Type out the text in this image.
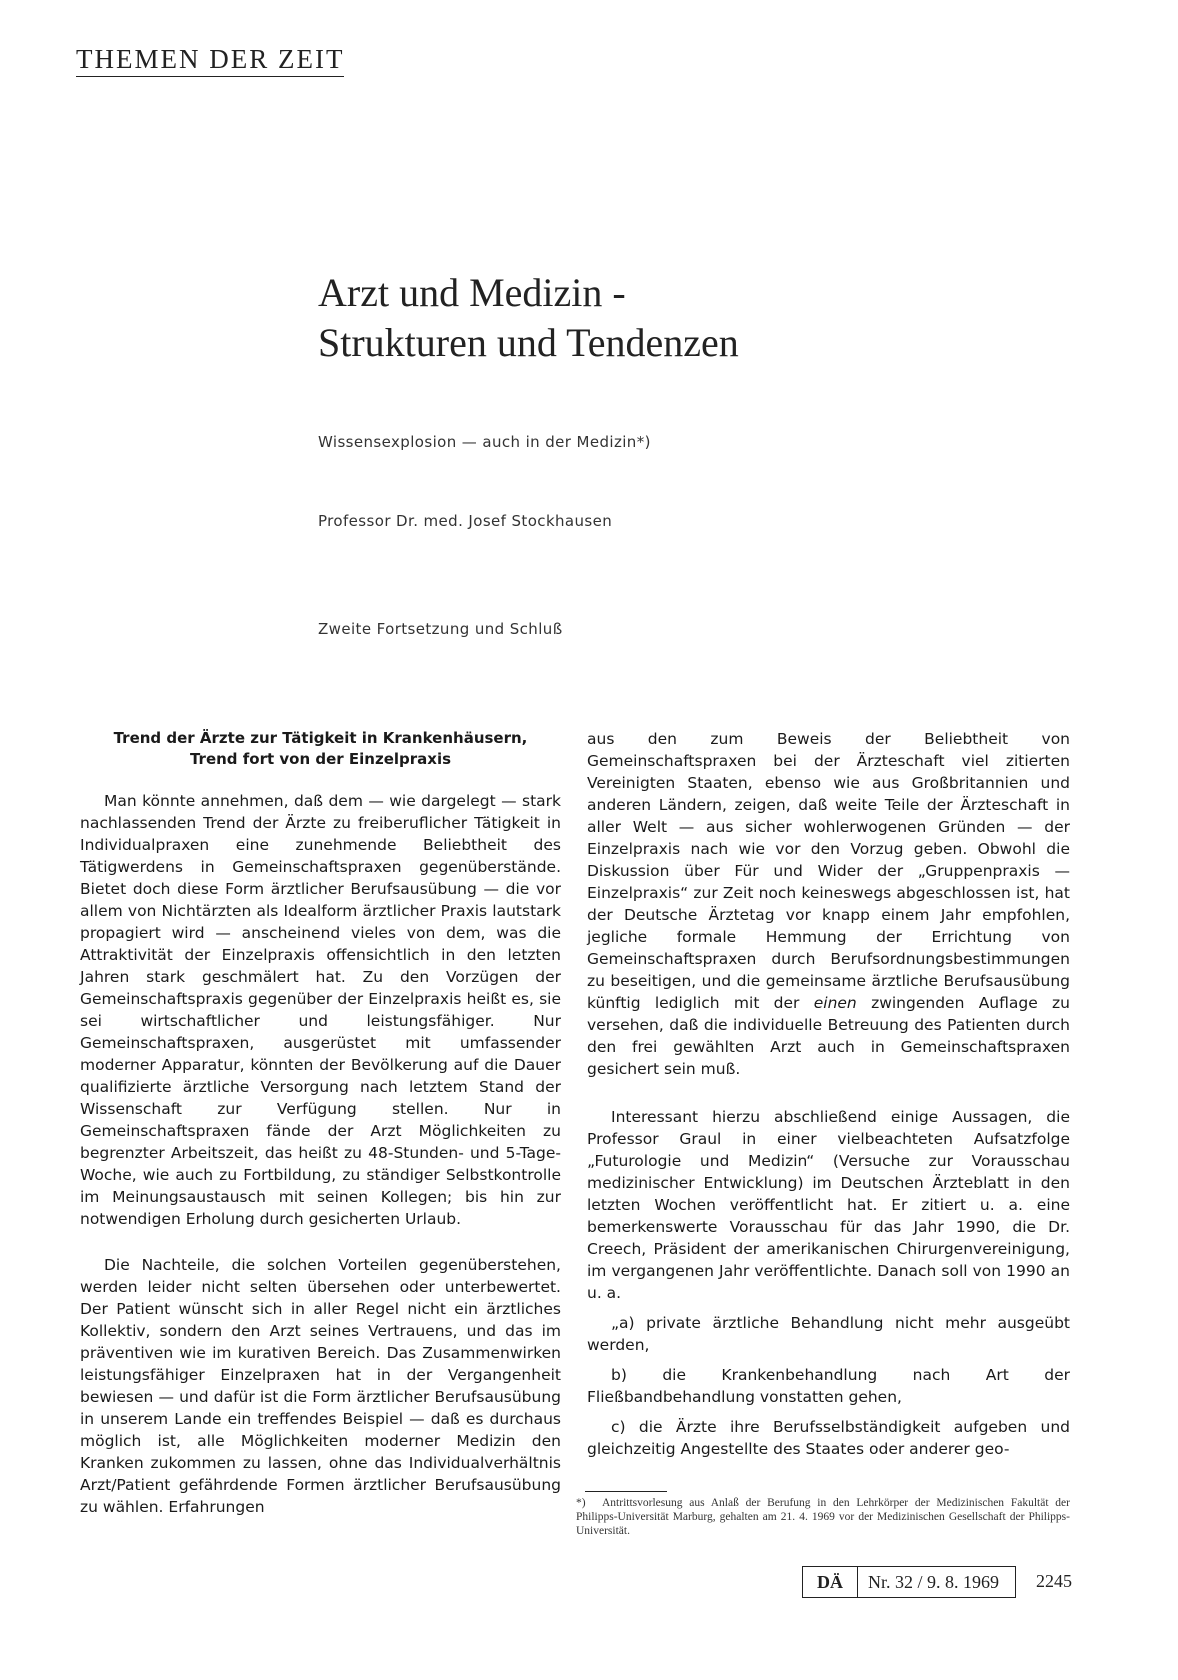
THEMEN DER ZEIT
Arzt und Medizin -
Strukturen und Tendenzen
Wissensexplosion — auch in der Medizin*)
Professor Dr. med. Josef Stockhausen
Zweite Fortsetzung und Schluß

Trend der Ärzte zur Tätigkeit in Krankenhäusern,
Trend fort von der Einzelpraxis

Man könnte annehmen, daß dem — wie dargelegt — stark nachlassenden Trend der Ärzte zu freiberuflicher Tätigkeit in Individualpraxen eine zunehmende Beliebtheit des Tätigwerdens in Gemeinschaftspraxen gegenüberstände. Bietet doch diese Form ärztlicher Berufsausübung — die vor allem von Nichtärzten als Idealform ärztlicher Praxis lautstark propagiert wird — anscheinend vieles von dem, was die Attraktivität der Einzelpraxis offensichtlich in den letzten Jahren stark geschmälert hat. Zu den Vorzügen der Gemeinschaftspraxis gegenüber der Einzelpraxis heißt es, sie sei wirtschaftlicher und leistungsfähiger. Nur Gemeinschaftspraxen, ausgerüstet mit umfassender moderner Apparatur, könnten der Bevölkerung auf die Dauer qualifizierte ärztliche Versorgung nach letztem Stand der Wissenschaft zur Verfügung stellen. Nur in Gemeinschaftspraxen fände der Arzt Möglichkeiten zu begrenzter Arbeitszeit, das heißt zu 48-Stunden- und 5-Tage-Woche, wie auch zu Fortbildung, zu ständiger Selbstkontrolle im Meinungsaustausch mit seinen Kollegen; bis hin zur notwendigen Erholung durch gesicherten Urlaub.

Die Nachteile, die solchen Vorteilen gegenüberstehen, werden leider nicht selten übersehen oder unterbewertet. Der Patient wünscht sich in aller Regel nicht ein ärztliches Kollektiv, sondern den Arzt seines Vertrauens, und das im präventiven wie im kurativen Bereich. Das Zusammenwirken leistungsfähiger Einzelpraxen hat in der Vergangenheit bewiesen — und dafür ist die Form ärztlicher Berufsausübung in unserem Lande ein treffendes Beispiel — daß es durchaus möglich ist, alle Möglichkeiten moderner Medizin den Kranken zukommen zu lassen, ohne das Individualverhältnis Arzt/Patient gefährdende Formen ärztlicher Berufsausübung zu wählen. Erfahrungen

aus den zum Beweis der Beliebtheit von Gemeinschaftspraxen bei der Ärzteschaft viel zitierten Vereinigten Staaten, ebenso wie aus Großbritannien und anderen Ländern, zeigen, daß weite Teile der Ärzteschaft in aller Welt — aus sicher wohlerwogenen Gründen — der Einzelpraxis nach wie vor den Vorzug geben. Obwohl die Diskussion über Für und Wider der „Gruppenpraxis — Einzelpraxis“ zur Zeit noch keineswegs abgeschlossen ist, hat der Deutsche Ärztetag vor knapp einem Jahr empfohlen, jegliche formale Hemmung der Errichtung von Gemeinschaftspraxen durch Berufsordnungsbestimmungen zu beseitigen, und die gemeinsame ärztliche Berufsausübung künftig lediglich mit der einen zwingenden Auflage zu versehen, daß die individuelle Betreuung des Patienten durch den frei gewählten Arzt auch in Gemeinschaftspraxen gesichert sein muß.

Interessant hierzu abschließend einige Aussagen, die Professor Graul in einer vielbeachteten Aufsatzfolge „Futurologie und Medizin“ (Versuche zur Vorausschau medizinischer Entwicklung) im Deutschen Ärzteblatt in den letzten Wochen veröffentlicht hat. Er zitiert u. a. eine bemerkenswerte Vorausschau für das Jahr 1990, die Dr. Creech, Präsident der amerikanischen Chirurgenvereinigung, im vergangenen Jahr veröffentlichte. Danach soll von 1990 an u. a.

„a) private ärztliche Behandlung nicht mehr ausgeübt werden,

b) die Krankenbehandlung nach Art der Fließbandbehandlung vonstatten gehen,

c) die Ärzte ihre Berufsselbständigkeit aufgeben und gleichzeitig Angestellte des Staates oder anderer geo-

*) Antrittsvorlesung aus Anlaß der Berufung in den Lehrkörper der Medizinischen Fakultät der Philipps-Universität Marburg, gehalten am 21. 4. 1969 vor der Medizinischen Gesellschaft der Philipps-Universität.
DÄ	Nr. 32 / 9. 8. 1969 2245
